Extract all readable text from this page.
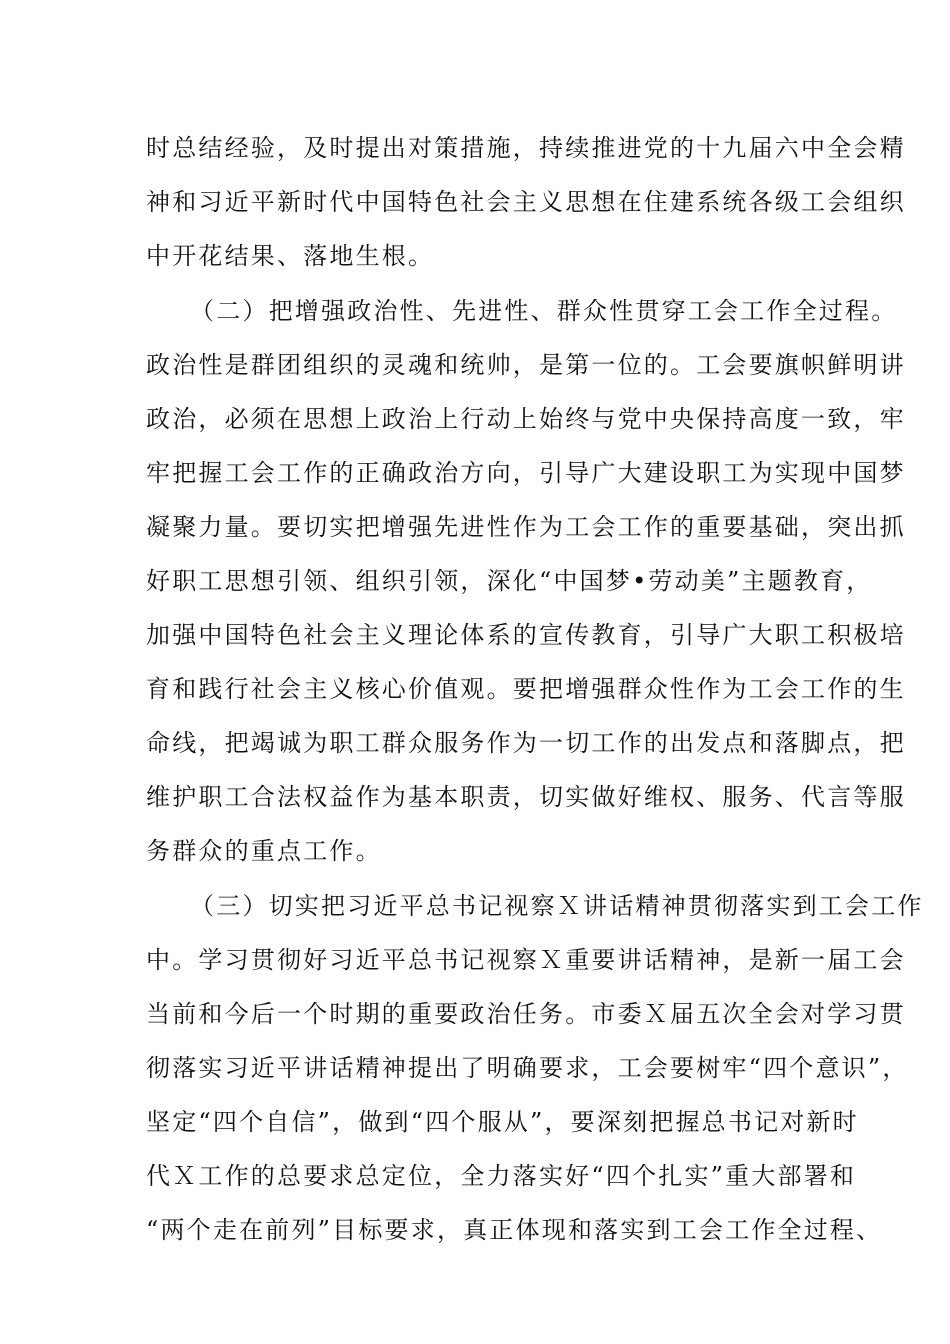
时总结经验，及时提出对策措施，持续推进党的十九届六中全会精
神和习近平新时代中国特色社会主义思想在住建系统各级工会组织
中开花结果、落地生根。
（二）把增强政治性、先进性、群众性贯穿工会工作全过程。
政治性是群团组织的灵魂和统帅，是第一位的。工会要旗帜鲜明讲
政治，必须在思想上政治上行动上始终与党中央保持高度一致，牢
牢把握工会工作的正确政治方向，引导广大建设职工为实现中国梦
凝聚力量。要切实把增强先进性作为工会工作的重要基础，突出抓
好职工思想引领、组织引领，深化“中国梦•劳动美”主题教育，
加强中国特色社会主义理论体系的宣传教育，引导广大职工积极培
育和践行社会主义核心价值观。要把增强群众性作为工会工作的生
命线，把竭诚为职工群众服务作为一切工作的出发点和落脚点，把
维护职工合法权益作为基本职责，切实做好维权、服务、代言等服
务群众的重点工作。
（三）切实把习近平总书记视察Ｘ讲话精神贯彻落实到工会工作
中。学习贯彻好习近平总书记视察Ｘ重要讲话精神，是新一届工会
当前和今后一个时期的重要政治任务。市委Ｘ届五次全会对学习贯
彻落实习近平讲话精神提出了明确要求，工会要树牢“四个意识”，
坚定“四个自信”，做到“四个服从”，要深刻把握总书记对新时
代Ｘ工作的总要求总定位，全力落实好“四个扎实”重大部署和
“两个走在前列”目标要求，真正体现和落实到工会工作全过程、
